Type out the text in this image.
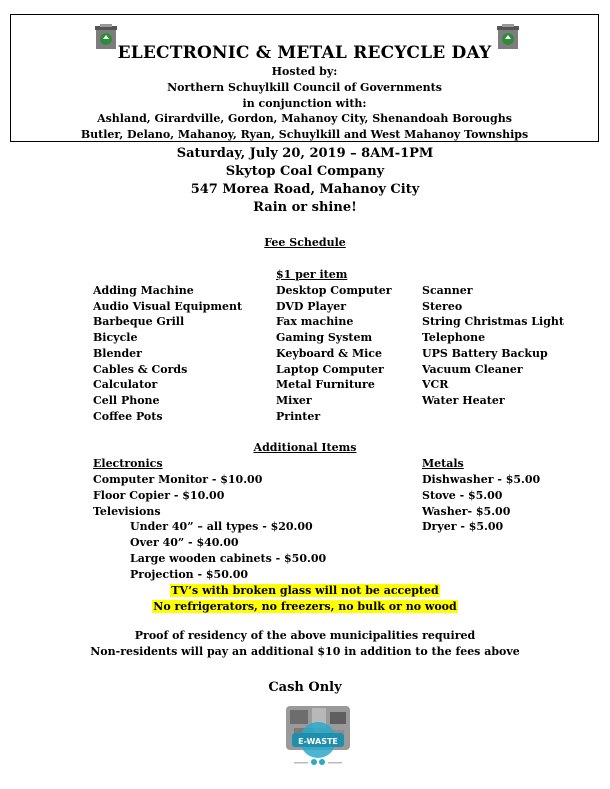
ELECTRONIC & METAL RECYCLE DAY
Hosted by:
Northern Schuylkill Council of Governments
in conjunction with:
Ashland, Girardville, Gordon, Mahanoy City, Shenandoah Boroughs
Butler, Delano, Mahanoy, Ryan, Schuylkill and West Mahanoy Townships
Saturday, July 20, 2019 – 8AM-1PM
Skytop Coal Company
547 Morea Road, Mahanoy City
Rain or shine!
Fee Schedule
$1 per item
Adding Machine
Audio Visual Equipment
Barbeque Grill
Bicycle
Blender
Cables & Cords
Calculator
Cell Phone
Coffee Pots
Desktop Computer
DVD Player
Fax machine
Gaming System
Keyboard & Mice
Laptop Computer
Metal Furniture
Mixer
Printer
Scanner
Stereo
String Christmas Light
Telephone
UPS Battery Backup
Vacuum Cleaner
VCR
Water Heater
Additional Items
Electronics
Computer Monitor - $10.00
Floor Copier - $10.00
Televisions
Under 40” – all types - $20.00
Over 40” - $40.00
Large wooden cabinets - $50.00
Projection - $50.00
Metals
Dishwasher - $5.00
Stove - $5.00
Washer- $5.00
Dryer - $5.00
TV’s with broken glass will not be accepted
No refrigerators, no freezers, no bulk or no wood
Proof of residency of the above municipalities required
Non-residents will pay an additional $10 in addition to the fees above
Cash Only
E-WASTE
